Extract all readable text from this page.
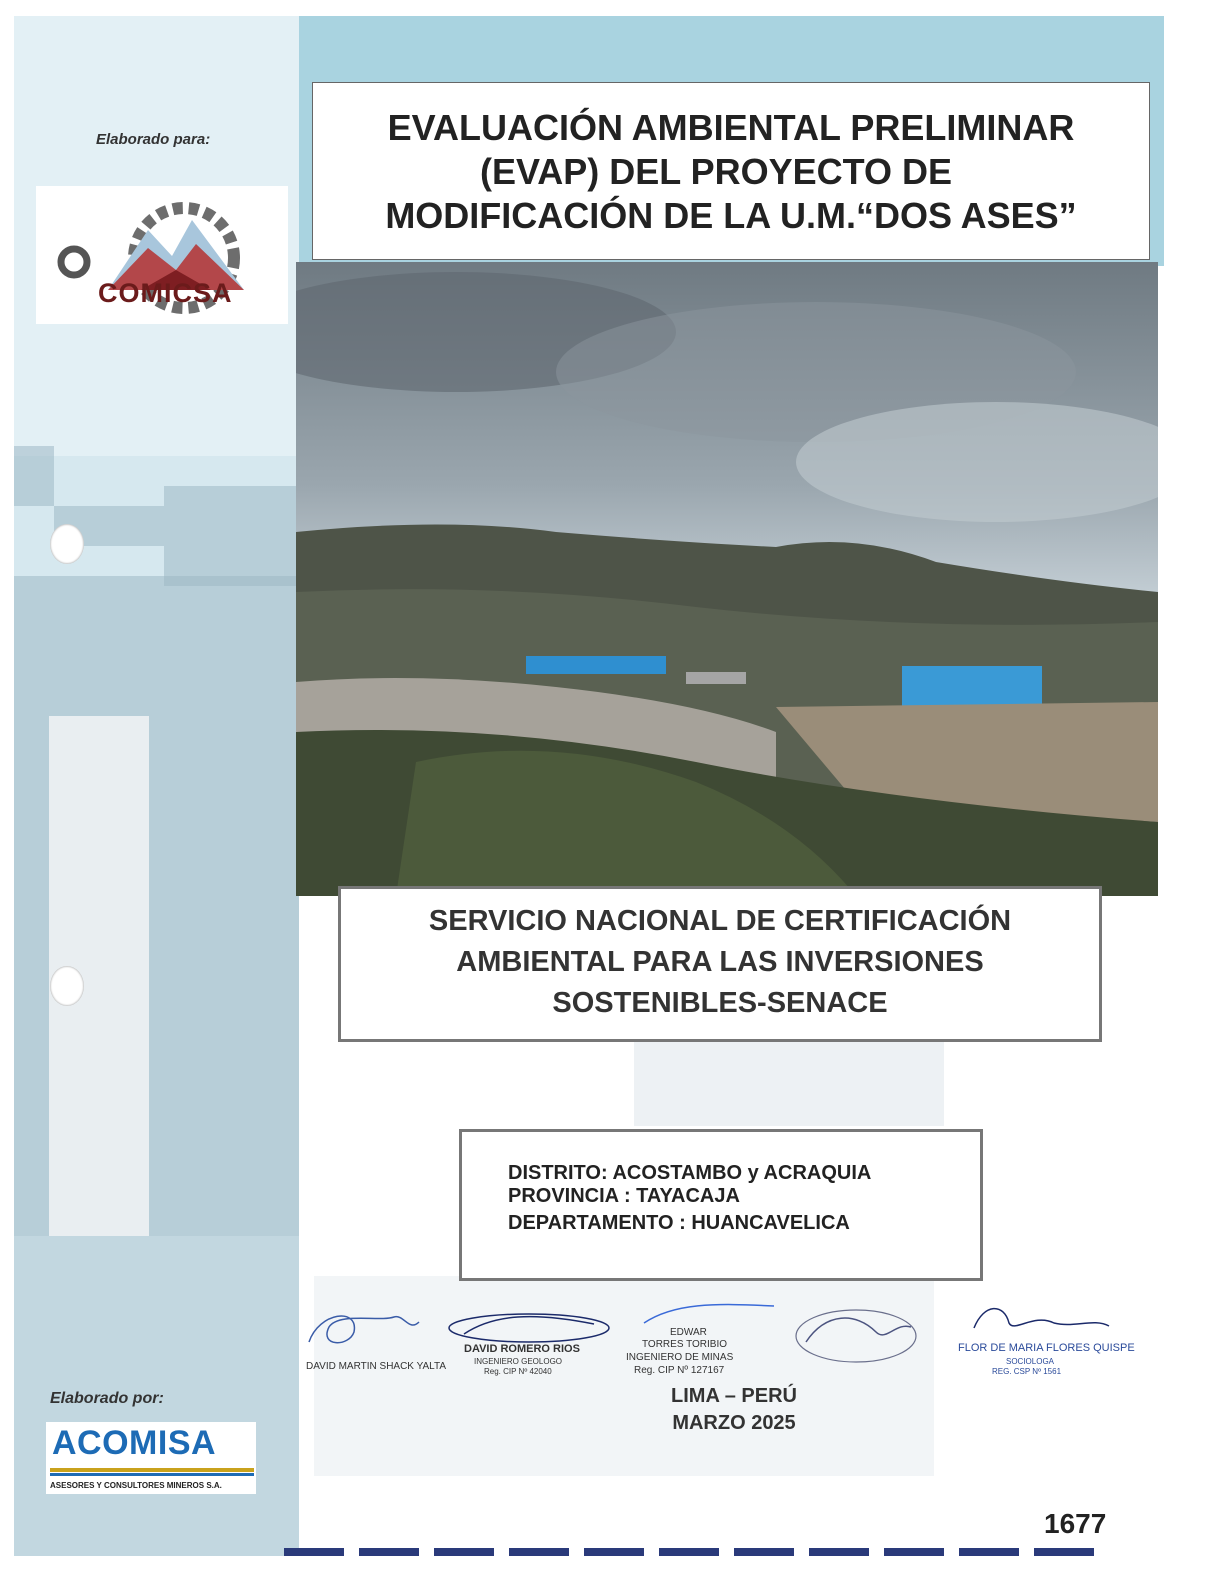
Elaborado para:
COMICSA

EVALUACIÓN AMBIENTAL PRELIMINAR
(EVAP) DEL PROYECTO DE
MODIFICACIÓN DE LA U.M.“DOS ASES”
SERVICIO NACIONAL DE CERTIFICACIÓN
AMBIENTAL PARA LAS INVERSIONES
SOSTENIBLES-SENACE
DISTRITO: ACOSTAMBO y ACRAQUIA
PROVINCIA : TAYACAJA
DEPARTAMENTO : HUANCAVELICA
DAVID MARTIN SHACK YALTA
DAVID ROMERO RIOS
INGENIERO GEOLOGO
Reg. CIP Nº 42040
EDWAR
TORRES TORIBIO
INGENIERO DE MINAS
Reg. CIP Nº 127167
FLOR DE MARIA FLORES QUISPE
SOCIOLOGA
REG. CSP Nº 1561
LIMA – PERÚ
MARZO 2025
Elaborado por:
ACOMISA
ASESORES Y CONSULTORES MINEROS S.A.
1677
